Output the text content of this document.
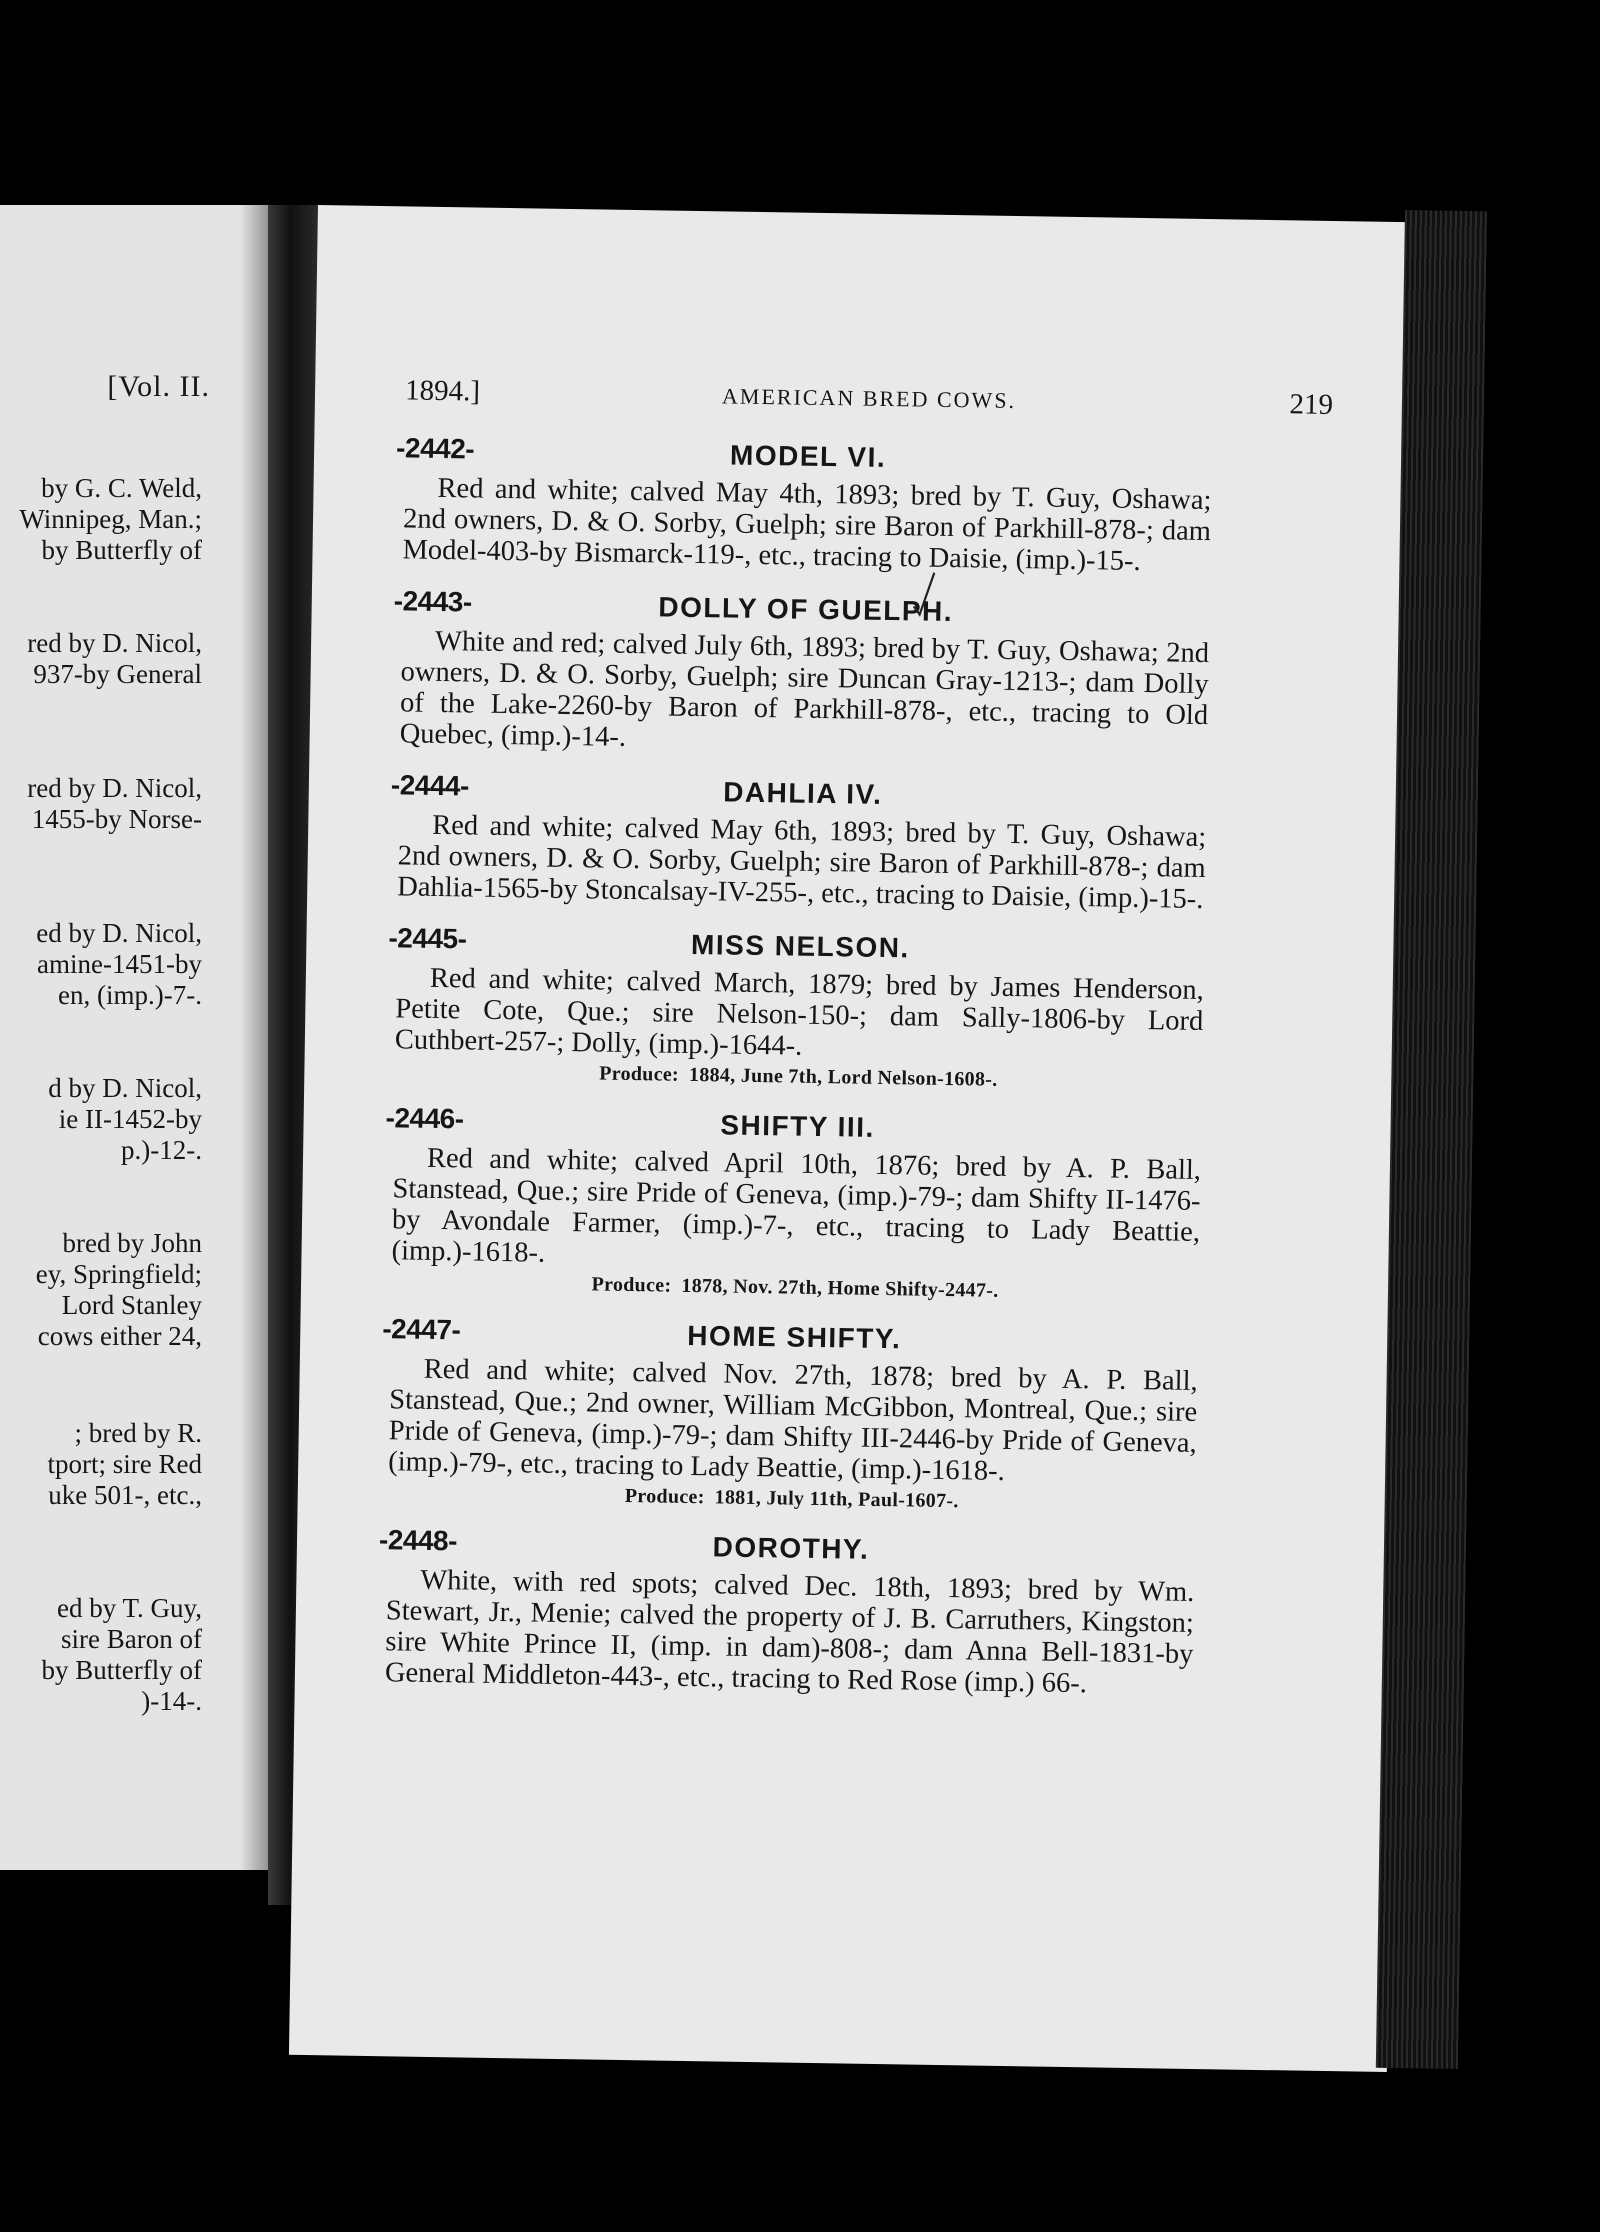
[Vol. II.
by G. C. Weld,
Winnipeg, Man.;
by Butterfly of
red by D. Nicol,
937-by General
red by D. Nicol,
1455-by Norse-
ed by D. Nicol,
amine-1451-by
en, (imp.)-7-.
d by D. Nicol,
ie II-1452-by
p.)-12-.
bred by John
ey, Springfield;
Lord Stanley
cows either 24,
; bred by R.
tport; sire Red
uke 501-, etc.,
ed by T. Guy,
sire Baron of
by Butterfly of
)-14-.
1894.]	AMERICAN BRED COWS.	219
-2442-	MODEL VI.
Red and white; calved May 4th, 1893; bred by T. Guy, Oshawa; 2nd owners, D. & O. Sorby, Guelph; sire Baron of Parkhill-878-; dam Model-403-by Bismarck-119-, etc., tracing to Daisie, (imp.)-15-.
-2443-	DOLLY OF GUELPH.
White and red; calved July 6th, 1893; bred by T. Guy, Oshawa; 2nd owners, D. & O. Sorby, Guelph; sire Duncan Gray-1213-; dam Dolly of the Lake-2260-by Baron of Parkhill-878-, etc., tracing to Old Quebec, (imp.)-14-.
-2444-	DAHLIA IV.
Red and white; calved May 6th, 1893; bred by T. Guy, Oshawa; 2nd owners, D. & O. Sorby, Guelph; sire Baron of Parkhill-878-; dam Dahlia-1565-by Stoncalsay-IV-255-, etc., tracing to Daisie, (imp.)-15-.
-2445-	MISS NELSON.
Red and white; calved March, 1879; bred by James Henderson, Petite Cote, Que.; sire Nelson-150-; dam Sally-1806-by Lord Cuthbert-257-; Dolly, (imp.)-1644-.
Produce: 1884, June 7th, Lord Nelson-1608-.
-2446-	SHIFTY III.
Red and white; calved April 10th, 1876; bred by A. P. Ball, Stanstead, Que.; sire Pride of Geneva, (imp.)-79-; dam Shifty II-1476-by Avondale Farmer, (imp.)-7-, etc., tracing to Lady Beattie, (imp.)-1618-.
Produce: 1878, Nov. 27th, Home Shifty-2447-.
-2447-	HOME SHIFTY.
Red and white; calved Nov. 27th, 1878; bred by A. P. Ball, Stanstead, Que.; 2nd owner, William McGibbon, Montreal, Que.; sire Pride of Geneva, (imp.)-79-; dam Shifty III-2446-by Pride of Geneva, (imp.)-79-, etc., tracing to Lady Beattie, (imp.)-1618-.
Produce: 1881, July 11th, Paul-1607-.
-2448-	DOROTHY.
White, with red spots; calved Dec. 18th, 1893; bred by Wm. Stewart, Jr., Menie; calved the property of J. B. Carruthers, Kingston; sire White Prince II, (imp. in dam)-808-; dam Anna Bell-1831-by General Middleton-443-, etc., tracing to Red Rose (imp.) 66-.
